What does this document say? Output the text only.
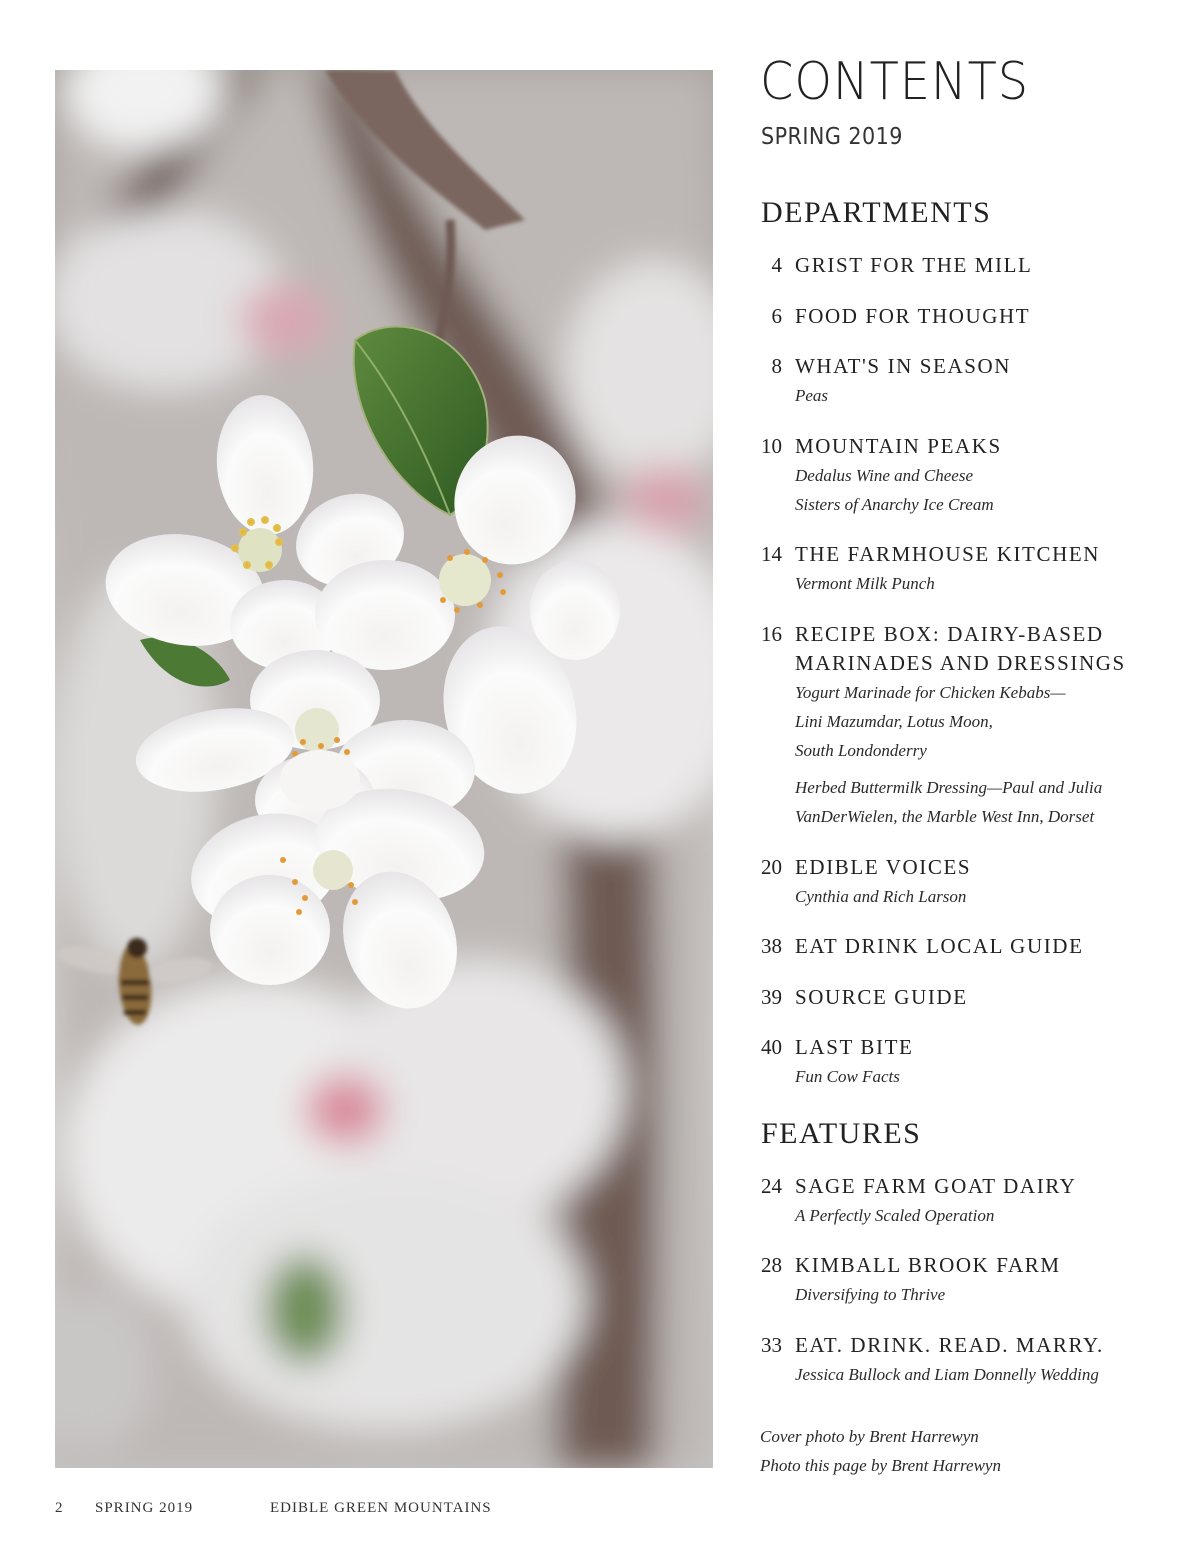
CONTENTS
SPRING 2019
DEPARTMENTS
4 GRIST FOR THE MILL
6 FOOD FOR THOUGHT
8 WHAT'S IN SEASON
Peas
10 MOUNTAIN PEAKS
Dedalus Wine and Cheese
Sisters of Anarchy Ice Cream
14 THE FARMHOUSE KITCHEN
Vermont Milk Punch
16 RECIPE BOX: DAIRY-BASED
MARINADES AND DRESSINGS
Yogurt Marinade for Chicken Kebabs—
Lini Mazumdar, Lotus Moon,
South Londonderry
Herbed Buttermilk Dressing—Paul and Julia
VanDerWielen, the Marble West Inn, Dorset
20 EDIBLE VOICES
Cynthia and Rich Larson
38 EAT DRINK LOCAL GUIDE
39 SOURCE GUIDE
40 LAST BITE
Fun Cow Facts
FEATURES
24 SAGE FARM GOAT DAIRY
A Perfectly Scaled Operation
28 KIMBALL BROOK FARM
Diversifying to Thrive
33 EAT. DRINK. READ. MARRY.
Jessica Bullock and Liam Donnelly Wedding
Cover photo by Brent Harrewyn
Photo this page by Brent Harrewyn
2 SPRING 2019	EDIBLE GREEN MOUNTAINS
